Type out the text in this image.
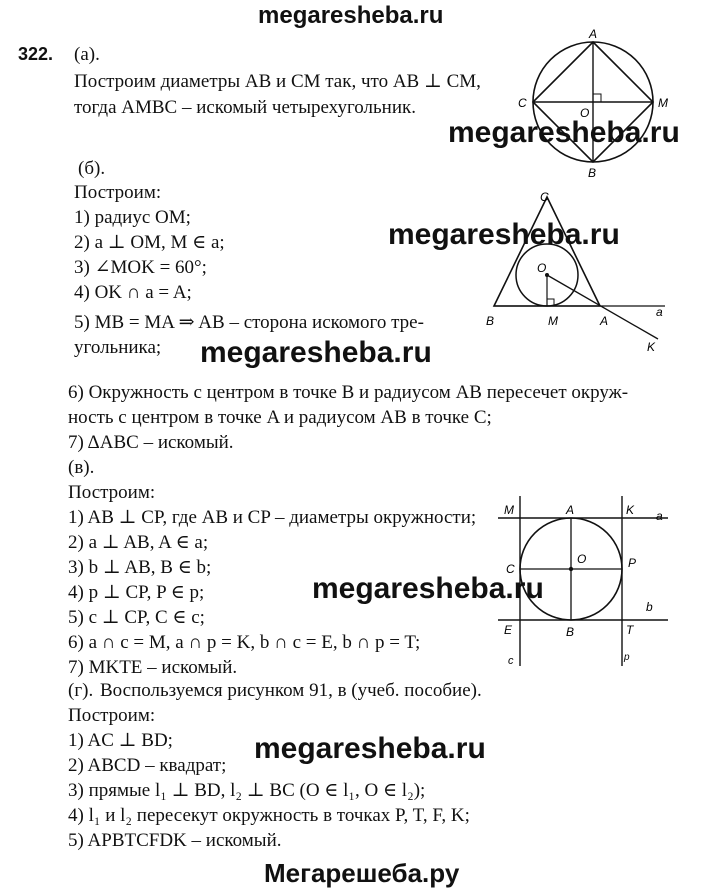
megaresheba.ru
322. (а).
Построим диаметры AB и CM так, что AB ⊥ CM,
тогда AMBC – искомый четырехугольник.
A
B
C	M
O
megaresheba.ru
(б).
Построим:
1) радиус OM;
2) a ⊥ OM, M ∈ a;
3) ∠MOK = 60°;
4) OK ∩ a = A;
5) MB = MA ⇒ AB – сторона искомого тре-
угольника;
megaresheba.ru
megaresheba.ru
C
O
B	M	A
a
K
6) Окружность с центром в точке B и радиусом AB пересечет окруж-
ность с центром в точке A и радиусом AB в точке C;
7) ΔABC – искомый.
(в).
Построим:
1) AB ⊥ CP, где AB и CP – диаметры окружности;
2) a ⊥ AB, A ∈ a;
3) b ⊥ AB, B ∈ b;
4) p ⊥ CP, P ∈ p;
5) c ⊥ CP, C ∈ c;
6) a ∩ c = M, a ∩ p = K, b ∩ c = E, b ∩ p = T;
7) MKTE – искомый.
megaresheba.ru
M	A	K a
C
O	P
b
E	B	T
c	p
(г). Воспользуемся рисунком 91, в (учеб. пособие).
Построим:
1) AC ⊥ BD;
2) ABCD – квадрат;
3) прямые l₁ ⊥ BD, l₂ ⊥ BC (O ∈ l₁, O ∈ l₂);
4) l₁ и l₂ пересекут окружность в точках P, T, F, K;
5) APBTCFDK – искомый.
megaresheba.ru
Мегарешеба.ру
